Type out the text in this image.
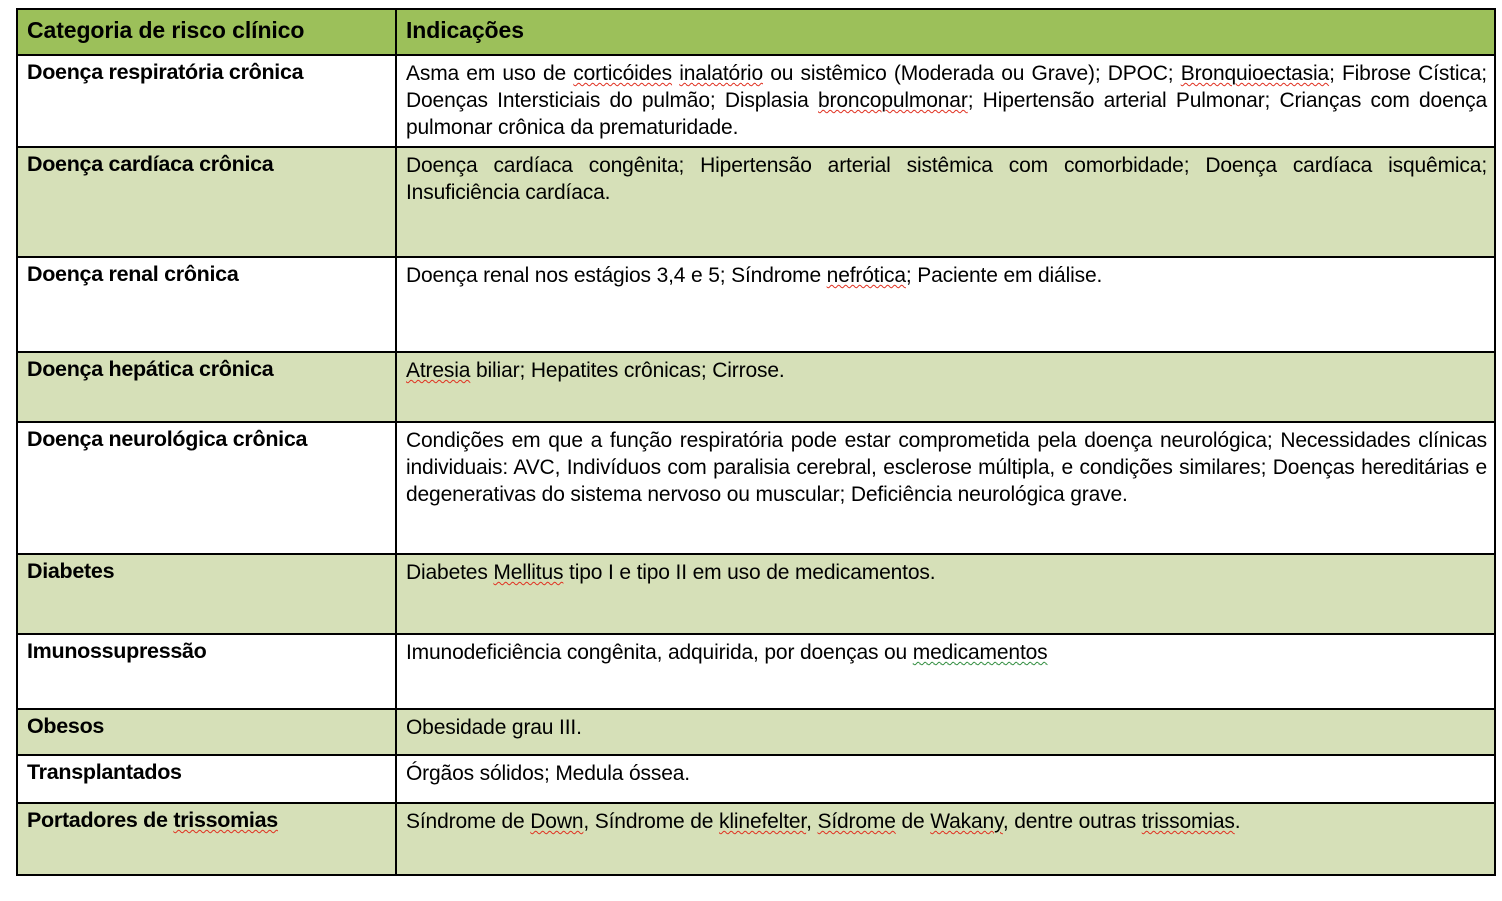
Categoria de risco clínico	Indicações
Doença respiratória crônica	Asma em uso de corticóides inalatório ou sistêmico (Moderada ou Grave); DPOC; Bronquioectasia; Fibrose Cística; Doenças Intersticiais do pulmão; Displasia broncopulmonar; Hipertensão arterial Pulmonar; Crianças com doença pulmonar crônica da prematuridade.
Doença cardíaca crônica	Doença cardíaca congênita; Hipertensão arterial sistêmica com comorbidade; Doença cardíaca isquêmica; Insuficiência cardíaca.
Doença renal crônica	Doença renal nos estágios 3,4 e 5; Síndrome nefrótica; Paciente em diálise.
Doença hepática crônica	Atresia biliar; Hepatites crônicas; Cirrose.
Doença neurológica crônica	Condições em que a função respiratória pode estar comprometida pela doença neurológica; Necessidades clínicas individuais: AVC, Indivíduos com paralisia cerebral, esclerose múltipla, e condições similares; Doenças hereditárias e degenerativas do sistema nervoso ou muscular; Deficiência neurológica grave.
Diabetes	Diabetes Mellitus tipo I e tipo II em uso de medicamentos.
Imunossupressão	Imunodeficiência congênita, adquirida, por doenças ou medicamentos
Obesos	Obesidade grau III.
Transplantados	Órgãos sólidos; Medula óssea.
Portadores de trissomias	Síndrome de Down, Síndrome de klinefelter, Sídrome de Wakany, dentre outras trissomias.
